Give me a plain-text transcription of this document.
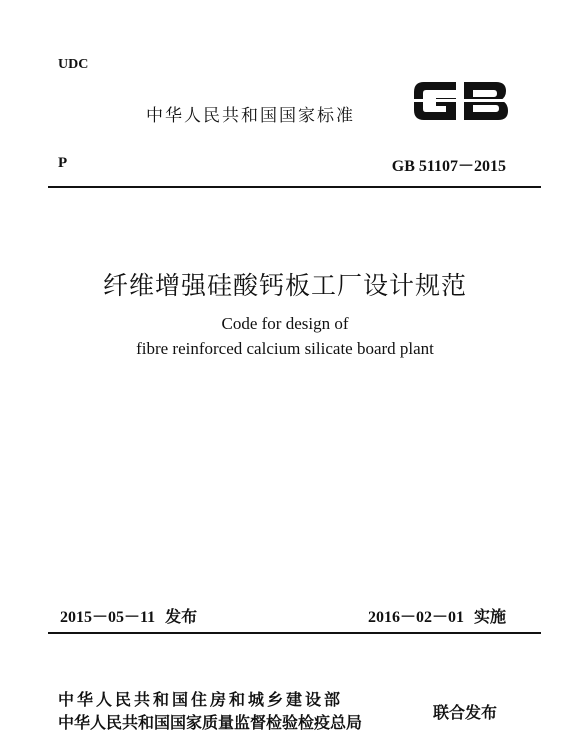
UDC
中华人民共和国国家标准
P	GB 51107－2015
纤维增强硅酸钙板工厂设计规范
Code for design of
fibre reinforced calcium silicate board plant
2015－05－11 发布	2016－02－01 实施
中华人民共和国住房和城乡建设部
中华人民共和国国家质量监督检验检疫总局
联合发布
